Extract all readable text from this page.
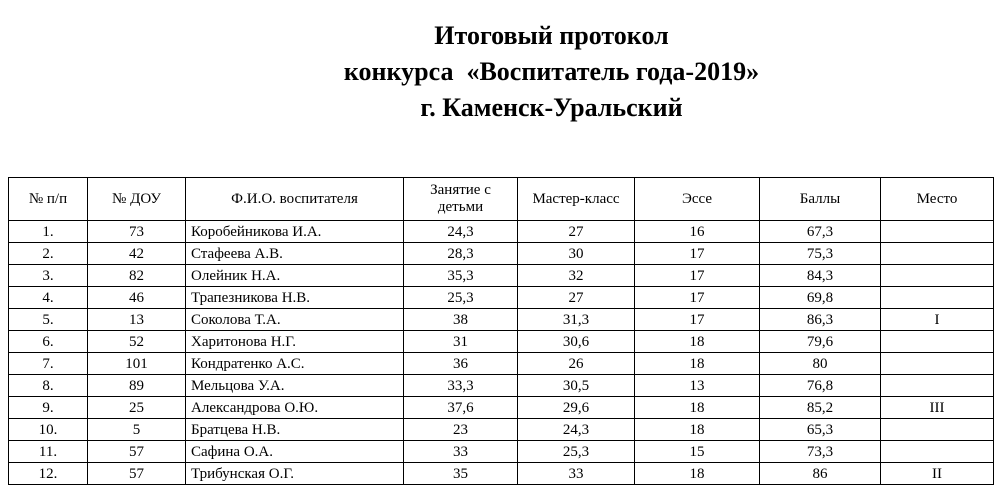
Итоговый протокол
конкурса  «Воспитатель года-2019»
г. Каменск-Уральский
№ п/п	№ ДОУ	Ф.И.О. воспитателя	Занятие с детьми	Мастер-класс	Эссе	Баллы	Место
1.	73	Коробейникова И.А.	24,3	27	16	67,3	
2.	42	Стафеева А.В.	28,3	30	17	75,3	
3.	82	Олейник Н.А.	35,3	32	17	84,3	
4.	46	Трапезникова Н.В.	25,3	27	17	69,8	
5.	13	Соколова Т.А.	38	31,3	17	86,3	I
6.	52	Харитонова Н.Г.	31	30,6	18	79,6	
7.	101	Кондратенко А.С.	36	26	18	80	
8.	89	Мельцова У.А.	33,3	30,5	13	76,8	
9.	25	Александрова О.Ю.	37,6	29,6	18	85,2	III
10.	5	Братцева Н.В.	23	24,3	18	65,3	
11.	57	Сафина О.А.	33	25,3	15	73,3	
12.	57	Трибунская О.Г.	35	33	18	86	II
